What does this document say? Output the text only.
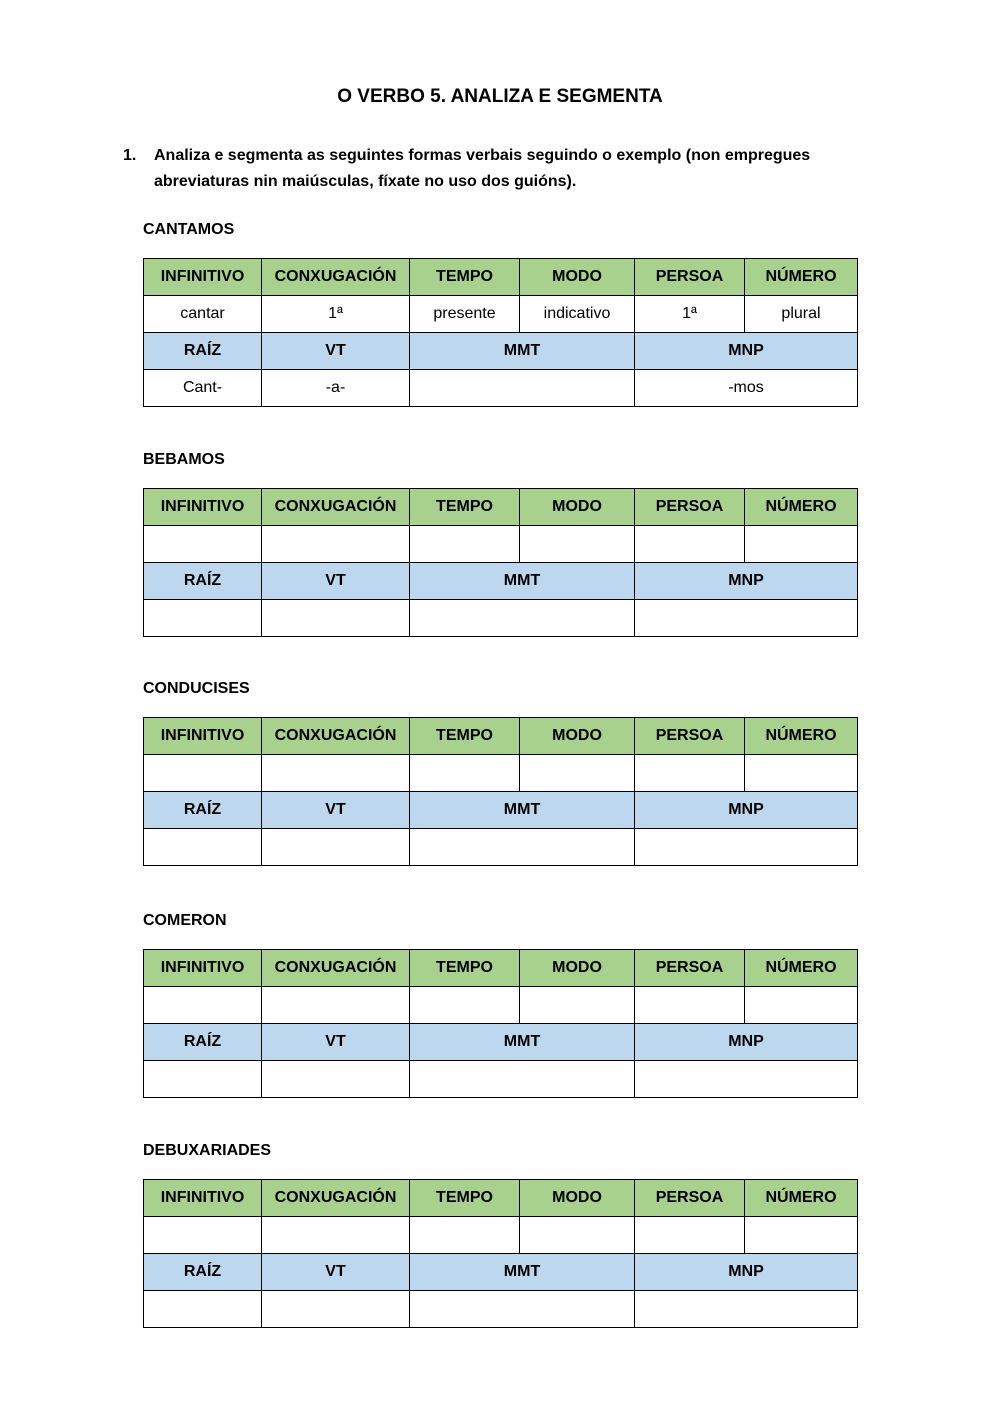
O VERBO 5. ANALIZA E SEGMENTA
1. Analiza e segmenta as seguintes formas verbais seguindo o exemplo (non empregues
abreviaturas nin maiúsculas, fíxate no uso dos guións).
CANTAMOS
INFINITIVO	CONXUGACIÓN	TEMPO	MODO	PERSOA	NÚMERO
cantar	1ª	presente	indicativo	1ª	plural
RAÍZ	VT	MMT		MNP	
Cant-	-a-			-mos	
BEBAMOS
INFINITIVO	CONXUGACIÓN	TEMPO	MODO	PERSOA	NÚMERO

RAÍZ	VT	MMT		MNP	

CONDUCISES
INFINITIVO	CONXUGACIÓN	TEMPO	MODO	PERSOA	NÚMERO

RAÍZ	VT	MMT		MNP	

COMERON
INFINITIVO	CONXUGACIÓN	TEMPO	MODO	PERSOA	NÚMERO

RAÍZ	VT	MMT		MNP	

DEBUXARIADES
INFINITIVO	CONXUGACIÓN	TEMPO	MODO	PERSOA	NÚMERO

RAÍZ	VT	MMT		MNP	
